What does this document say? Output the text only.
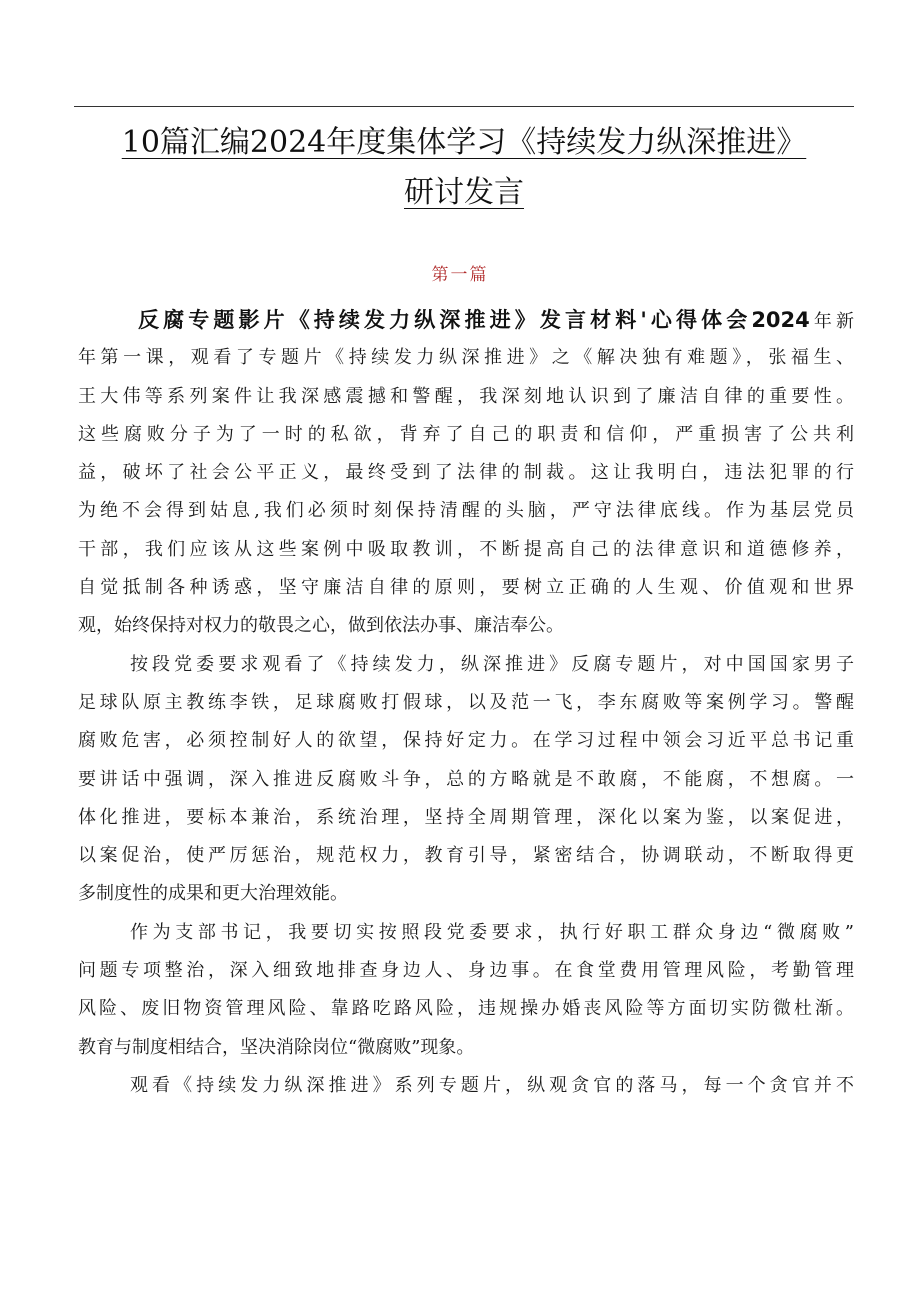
10篇汇编2024年度集体学习《持续发力纵深推进》
研讨发言
第一篇
反腐专题影片《持续发力纵深推进》发言材料'心得体会2024年新
年第一课，观看了专题片《持续发力纵深推进》之《解决独有难题》，张福生、
王大伟等系列案件让我深感震撼和警醒，我深刻地认识到了廉洁自律的重要性。
这些腐败分子为了一时的私欲，背弃了自己的职责和信仰，严重损害了公共利
益，破坏了社会公平正义，最终受到了法律的制裁。这让我明白，违法犯罪的行
为绝不会得到姑息,我们必须时刻保持清醒的头脑，严守法律底线。作为基层党员
干部，我们应该从这些案例中吸取教训，不断提高自己的法律意识和道德修养，
自觉抵制各种诱惑，坚守廉洁自律的原则，要树立正确的人生观、价值观和世界
观，始终保持对权力的敬畏之心，做到依法办事、廉洁奉公。
按段党委要求观看了《持续发力，纵深推进》反腐专题片，对中国国家男子
足球队原主教练李铁，足球腐败打假球，以及范一飞，李东腐败等案例学习。警醒
腐败危害，必须控制好人的欲望，保持好定力。在学习过程中领会习近平总书记重
要讲话中强调，深入推进反腐败斗争，总的方略就是不敢腐，不能腐，不想腐。一
体化推进，要标本兼治，系统治理，坚持全周期管理，深化以案为鉴，以案促进，
以案促治，使严厉惩治，规范权力，教育引导，紧密结合，协调联动，不断取得更
多制度性的成果和更大治理效能。
作为支部书记，我要切实按照段党委要求，执行好职工群众身边“微腐败”
问题专项整治，深入细致地排查身边人、身边事。在食堂费用管理风险，考勤管理
风险、废旧物资管理风险、靠路吃路风险，违规操办婚丧风险等方面切实防微杜渐。
教育与制度相结合，坚决消除岗位“微腐败”现象。
观看《持续发力纵深推进》系列专题片，纵观贪官的落马，每一个贪官并不
